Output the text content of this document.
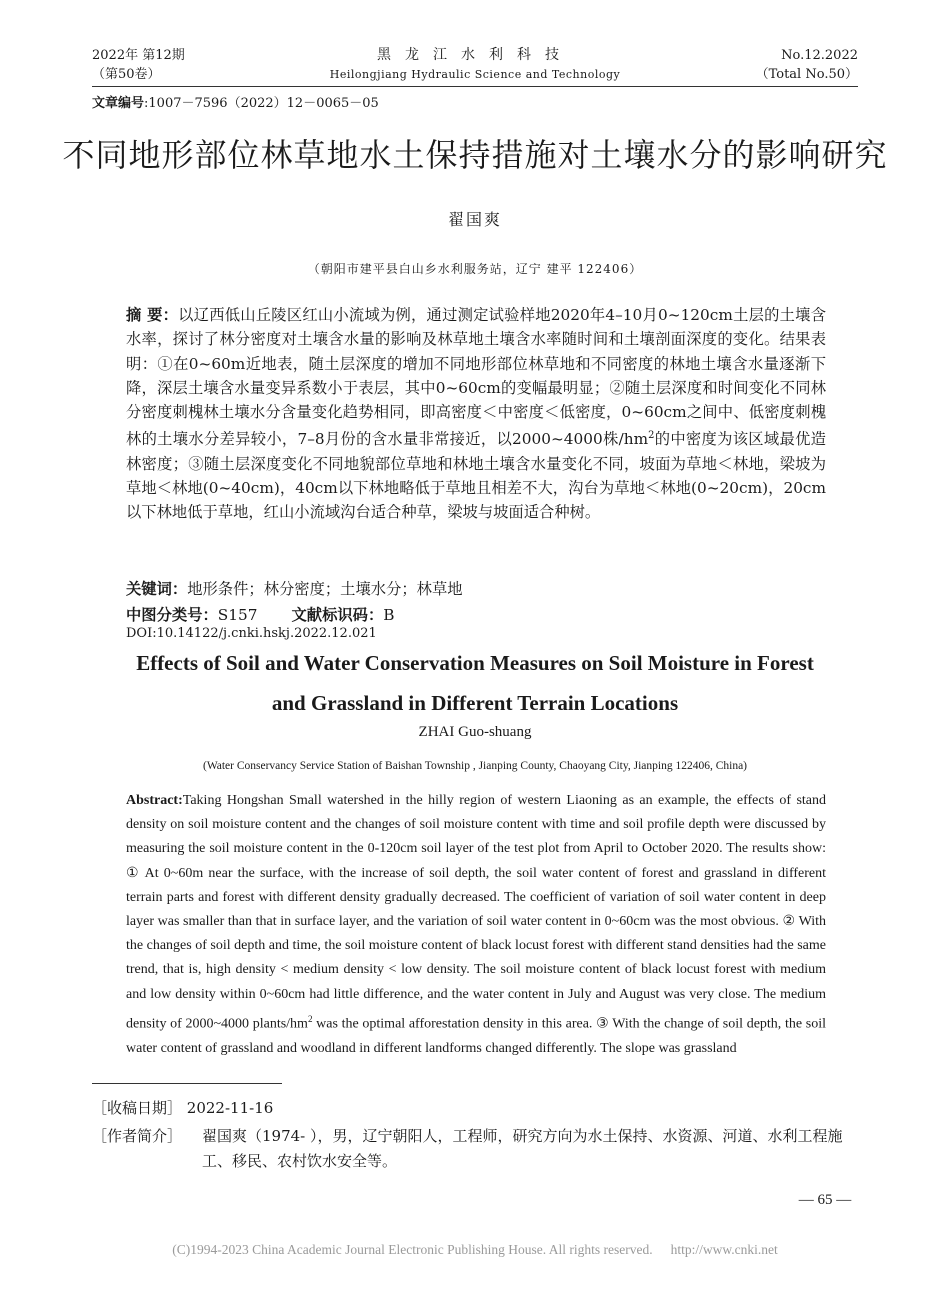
2022年 第12期
（第50卷）
黑龙江水利科技
Heilongjiang Hydraulic Science and Technology
No.12.2022
（Total No.50）
文章编号:1007－7596（2022）12－0065－05
不同地形部位林草地水土保持措施对土壤水分的影响研究
翟国爽
（朝阳市建平县白山乡水利服务站，辽宁 建平 122406）
摘 要：以辽西低山丘陵区红山小流域为例，通过测定试验样地2020年4–10月0~120cm土层的土壤含水率，探讨了林分密度对土壤含水量的影响及林草地土壤含水率随时间和土壤剖面深度的变化。结果表明：①在0~60m近地表，随土层深度的增加不同地形部位林草地和不同密度的林地土壤含水量逐渐下降，深层土壤含水量变异系数小于表层，其中0~60cm的变幅最明显；②随土层深度和时间变化不同林分密度刺槐林土壤水分含量变化趋势相同，即高密度＜中密度＜低密度，0~60cm之间中、低密度刺槐林的土壤水分差异较小，7–8月份的含水量非常接近，以2000~4000株$/hm^2$的中密度为该区域最优造林密度；③随土层深度变化不同地貌部位草地和林地土壤含水量变化不同，坡面为草地＜林地，梁坡为草地＜林地(0~40cm)，40cm以下林地略低于草地且相差不大，沟台为草地＜林地(0~20cm)，20cm以下林地低于草地，红山小流域沟台适合种草，梁坡与坡面适合种树。
关键词：地形条件；林分密度；土壤水分；林草地
中图分类号：S157 文献标识码：B
DOI:10.14122/j.cnki.hskj.2022.12.021
Effects of Soil and Water Conservation Measures on Soil Moisture in Forest
and Grassland in Different Terrain Locations
ZHAI Guo-shuang
(Water Conservancy Service Station of Baishan Township , Jianping County, Chaoyang City, Jianping 122406, China)
Abstract:Taking Hongshan Small watershed in the hilly region of western Liaoning as an example, the effects of stand density on soil moisture content and the changes of soil moisture content with time and soil profile depth were discussed by measuring the soil moisture content in the 0-120cm soil layer of the test plot from April to October 2020. The results show: ① At 0~60m near the surface, with the increase of soil depth, the soil water content of forest and grassland in different terrain parts and forest with different density gradually decreased. The coefficient of variation of soil water content in deep layer was smaller than that in surface layer, and the variation of soil water content in 0~60cm was the most obvious. ② With the changes of soil depth and time, the soil moisture content of black locust forest with different stand densities had the same trend, that is, high density < medium density < low density. The soil moisture content of black locust forest with medium and low density within 0~60cm had little difference, and the water content in July and August was very close. The medium density of 2000~4000 plants/$hm^2$ was the optimal afforestation density in this area. ③ With the change of soil depth, the soil water content of grassland and woodland in different landforms changed differently. The slope was grassland
［收稿日期］ 2022-11-16
［作者简介］	翟国爽（1974- ），男，辽宁朝阳人，工程师，研究方向为水土保持、水资源、河道、水利工程施工、移民、农村饮水安全等。
— 65 —
(C)1994-2023 China Academic Journal Electronic Publishing House. All rights reserved. http://www.cnki.net
